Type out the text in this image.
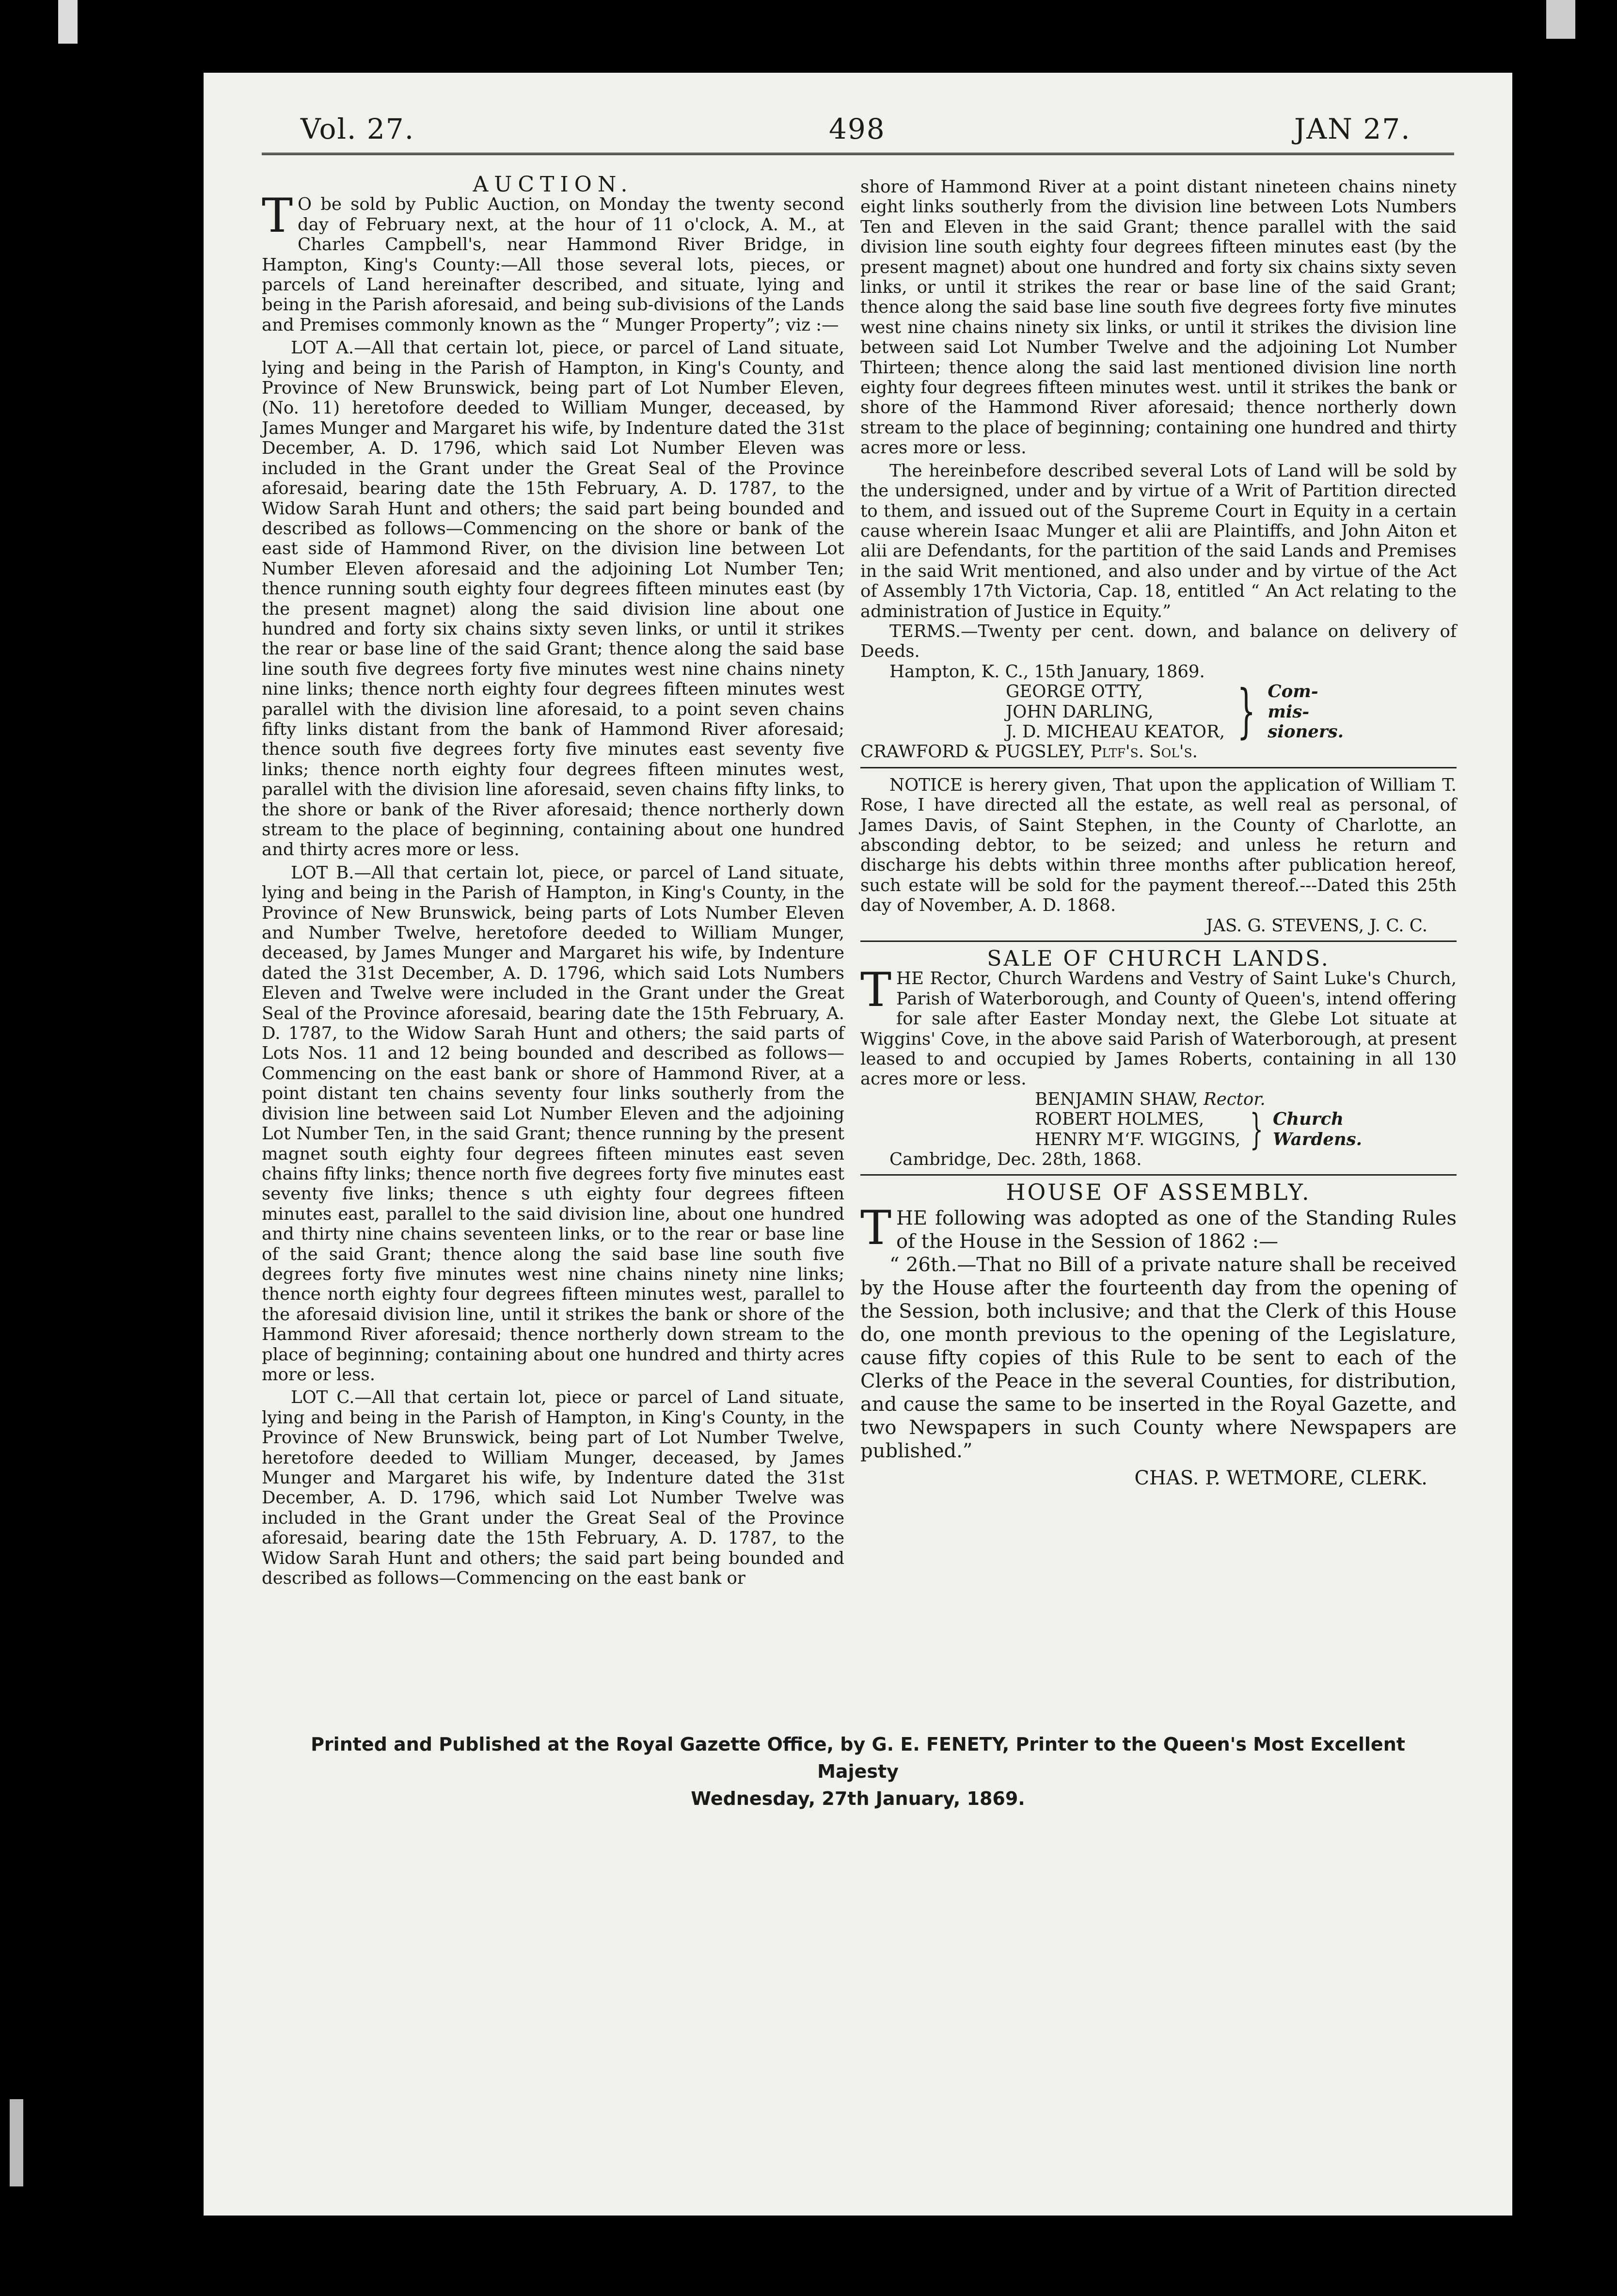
Vol. 27.	498	JAN 27.

AUCTION.

TO be sold by Public Auction, on Monday the twenty second day of February next, at the hour of 11 o'clock, A. M., at Charles Campbell's, near Hammond River Bridge, in Hampton, King's County:—All those several lots, pieces, or parcels of Land hereinafter described, and situate, lying and being in the Parish aforesaid, and being sub-divisions of the Lands and Premises commonly known as the “ Munger Property”; viz :—

LOT A.—All that certain lot, piece, or parcel of Land situate, lying and being in the Parish of Hampton, in King's County, and Province of New Brunswick, being part of Lot Number Eleven, (No. 11) heretofore deeded to William Munger, deceased, by James Munger and Margaret his wife, by Indenture dated the 31st December, A. D. 1796, which said Lot Number Eleven was included in the Grant under the Great Seal of the Province aforesaid, bearing date the 15th February, A. D. 1787, to the Widow Sarah Hunt and others; the said part being bounded and described as follows—Commencing on the shore or bank of the east side of Hammond River, on the division line between Lot Number Eleven aforesaid and the adjoining Lot Number Ten; thence running south eighty four degrees fifteen minutes east (by the present magnet) along the said division line about one hundred and forty six chains sixty seven links, or until it strikes the rear or base line of the said Grant; thence along the said base line south five degrees forty five minutes west nine chains ninety nine links; thence north eighty four degrees fifteen minutes west parallel with the division line aforesaid, to a point seven chains fifty links distant from the bank of Hammond River aforesaid; thence south five degrees forty five minutes east seventy five links; thence north eighty four degrees fifteen minutes west, parallel with the division line aforesaid, seven chains fifty links, to the shore or bank of the River aforesaid; thence northerly down stream to the place of beginning, containing about one hundred and thirty acres more or less.

LOT B.—All that certain lot, piece, or parcel of Land situate, lying and being in the Parish of Hampton, in King's County, in the Province of New Brunswick, being parts of Lots Number Eleven and Number Twelve, heretofore deeded to William Munger, deceased, by James Munger and Margaret his wife, by Indenture dated the 31st December, A. D. 1796, which said Lots Numbers Eleven and Twelve were included in the Grant under the Great Seal of the Province aforesaid, bearing date the 15th February, A. D. 1787, to the Widow Sarah Hunt and others; the said parts of Lots Nos. 11 and 12 being bounded and described as follows—Commencing on the east bank or shore of Hammond River, at a point distant ten chains seventy four links southerly from the division line between said Lot Number Eleven and the adjoining Lot Number Ten, in the said Grant; thence running by the present magnet south eighty four degrees fifteen minutes east seven chains fifty links; thence north five degrees forty five minutes east seventy five links; thence s uth eighty four degrees fifteen minutes east, parallel to the said division line, about one hundred and thirty nine chains seventeen links, or to the rear or base line of the said Grant; thence along the said base line south five degrees forty five minutes west nine chains ninety nine links; thence north eighty four degrees fifteen minutes west, parallel to the aforesaid division line, until it strikes the bank or shore of the Hammond River aforesaid; thence northerly down stream to the place of beginning; containing about one hundred and thirty acres more or less.

LOT C.—All that certain lot, piece or parcel of Land situate, lying and being in the Parish of Hampton, in King's County, in the Province of New Brunswick, being part of Lot Number Twelve, heretofore deeded to William Munger, deceased, by James Munger and Margaret his wife, by Indenture dated the 31st December, A. D. 1796, which said Lot Number Twelve was included in the Grant under the Great Seal of the Province aforesaid, bearing date the 15th February, A. D. 1787, to the Widow Sarah Hunt and others; the said part being bounded and described as follows—Commencing on the east bank or

shore of Hammond River at a point distant nineteen chains ninety eight links southerly from the division line between Lots Numbers Ten and Eleven in the said Grant; thence parallel with the said division line south eighty four degrees fifteen minutes east (by the present magnet) about one hundred and forty six chains sixty seven links, or until it strikes the rear or base line of the said Grant; thence along the said base line south five degrees forty five minutes west nine chains ninety six links, or until it strikes the division line between said Lot Number Twelve and the adjoining Lot Number Thirteen; thence along the said last mentioned division line north eighty four degrees fifteen minutes west. until it strikes the bank or shore of the Hammond River aforesaid; thence northerly down stream to the place of beginning; containing one hundred and thirty acres more or less.

The hereinbefore described several Lots of Land will be sold by the undersigned, under and by virtue of a Writ of Partition directed to them, and issued out of the Supreme Court in Equity in a certain cause wherein Isaac Munger et alii are Plaintiffs, and John Aiton et alii are Defendants, for the partition of the said Lands and Premises in the said Writ mentioned, and also under and by virtue of the Act of Assembly 17th Victoria, Cap. 18, entitled “ An Act relating to the administration of Justice in Equity.”

TERMS.—Twenty per cent. down, and balance on delivery of Deeds.

Hampton, K. C., 15th January, 1869.

GEORGE OTTY,
JOHN DARLING,
J. D. MICHEAU KEATOR, } Com-
mis-
sioners.

CRAWFORD & PUGSLEY, Pltf's. Sol's.

NOTICE is herery given, That upon the application of William T. Rose, I have directed all the estate, as well real as personal, of James Davis, of Saint Stephen, in the County of Charlotte, an absconding debtor, to be seized; and unless he return and discharge his debts within three months after publication hereof, such estate will be sold for the payment thereof.---Dated this 25th day of November, A. D. 1868.

JAS. G. STEVENS, J. C. C.

SALE OF CHURCH LANDS.

THE Rector, Church Wardens and Vestry of Saint Luke's Church, Parish of Waterborough, and County of Queen's, intend offering for sale after Easter Monday next, the Glebe Lot situate at Wiggins' Cove, in the above said Parish of Waterborough, at present leased to and occupied by James Roberts, containing in all 130 acres more or less.

BENJAMIN SHAW, Rector.

ROBERT HOLMES,
HENRY M‘F. WIGGINS, } Church
Wardens.

Cambridge, Dec. 28th, 1868.

HOUSE OF ASSEMBLY.

THE following was adopted as one of the Standing Rules of the House in the Session of 1862 :—

“ 26th.—That no Bill of a private nature shall be received by the House after the fourteenth day from the opening of the Session, both inclusive; and that the Clerk of this House do, one month previous to the opening of the Legislature, cause fifty copies of this Rule to be sent to each of the Clerks of the Peace in the several Counties, for distribution, and cause the same to be inserted in the Royal Gazette, and two Newspapers in such County where Newspapers are published.”

CHAS. P. WETMORE, CLERK.

Printed and Published at the Royal Gazette Office, by G. E. FENETY, Printer to the Queen's Most Excellent Majesty
Wednesday, 27th January, 1869.
